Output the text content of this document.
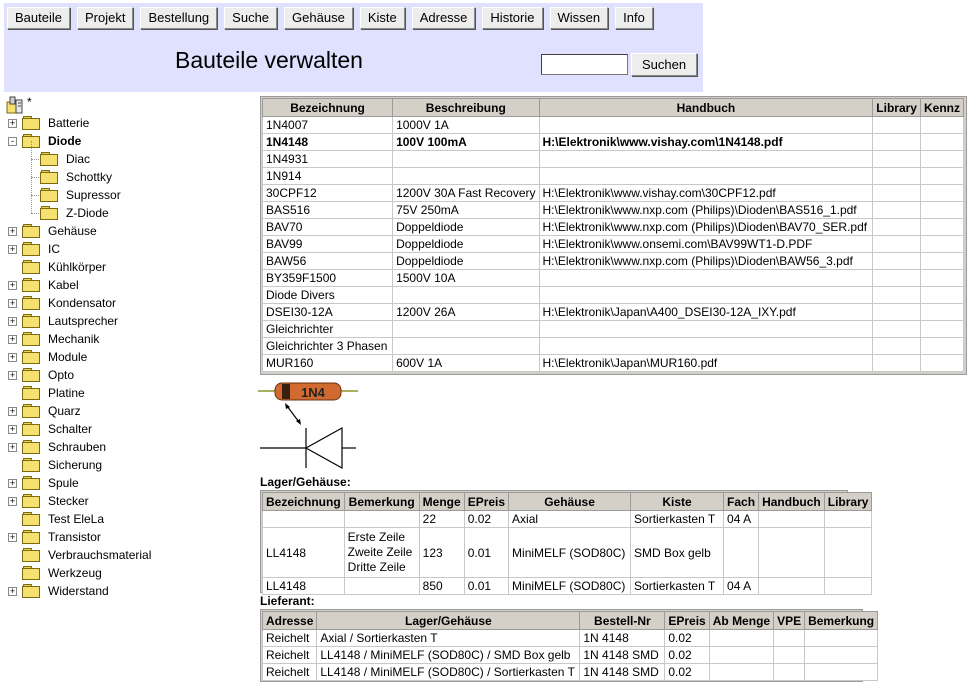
Bauteile	Projekt	Bestellung	Suche	Gehäuse	Kiste	Adresse	Historie	Wissen	Info
Bauteile verwalten	Suchen
*
+	Batterie
-	Diode
Diac
Schottky
Supressor
Z-Diode
+	Gehäuse
+	IC
Kühlkörper
+	Kabel
+	Kondensator
+	Lautsprecher
+	Mechanik
+	Module
+	Opto
Platine
+	Quarz
+	Schalter
+	Schrauben
Sicherung
+	Spule
+	Stecker
Test EleLa
+	Transistor
Verbrauchsmaterial
Werkzeug
+	Widerstand
Bezeichnung	Beschreibung	Handbuch	Library	Kennz
1N4007	1000V 1A			
1N4148	100V 100mA	H:\Elektronik\www.vishay.com\1N4148.pdf		
1N4931				
1N914				
30CPF12	1200V 30A Fast Recovery	H:\Elektronik\www.vishay.com\30CPF12.pdf		
BAS516	75V 250mA	H:\Elektronik\www.nxp.com (Philips)\Dioden\BAS516_1.pdf		
BAV70	Doppeldiode	H:\Elektronik\www.nxp.com (Philips)\Dioden\BAV70_SER.pdf		
BAV99	Doppeldiode	H:\Elektronik\www.onsemi.com\BAV99WT1-D.PDF		
BAW56	Doppeldiode	H:\Elektronik\www.nxp.com (Philips)\Dioden\BAW56_3.pdf		
BY359F1500	1500V 10A			
Diode Divers				
DSEI30-12A	1200V 26A	H:\Elektronik\Japan\A400_DSEI30-12A_IXY.pdf		
Gleichrichter				
Gleichrichter 3 Phasen				
MUR160	600V 1A	H:\Elektronik\Japan\MUR160.pdf		
1N4
Lager/Gehäuse:
Bezeichnung	Bemerkung	Menge	EPreis	Gehäuse	Kiste	Fach	Handbuch	Library
		22	0.02	Axial	Sortierkasten T	04 A		
LL4148	Erste Zeile
Zweite Zeile
Dritte Zeile	123	0.01	MiniMELF (SOD80C)	SMD Box gelb			
LL4148		850	0.01	MiniMELF (SOD80C)	Sortierkasten T	04 A		
Lieferant:
Adresse	Lager/Gehäuse	Bestell-Nr	EPreis	Ab Menge	VPE	Bemerkung
Reichelt	Axial / Sortierkasten T	1N 4148	0.02			
Reichelt	LL4148 / MiniMELF (SOD80C) / SMD Box gelb	1N 4148 SMD	0.02			
Reichelt	LL4148 / MiniMELF (SOD80C) / Sortierkasten T	1N 4148 SMD	0.02			
